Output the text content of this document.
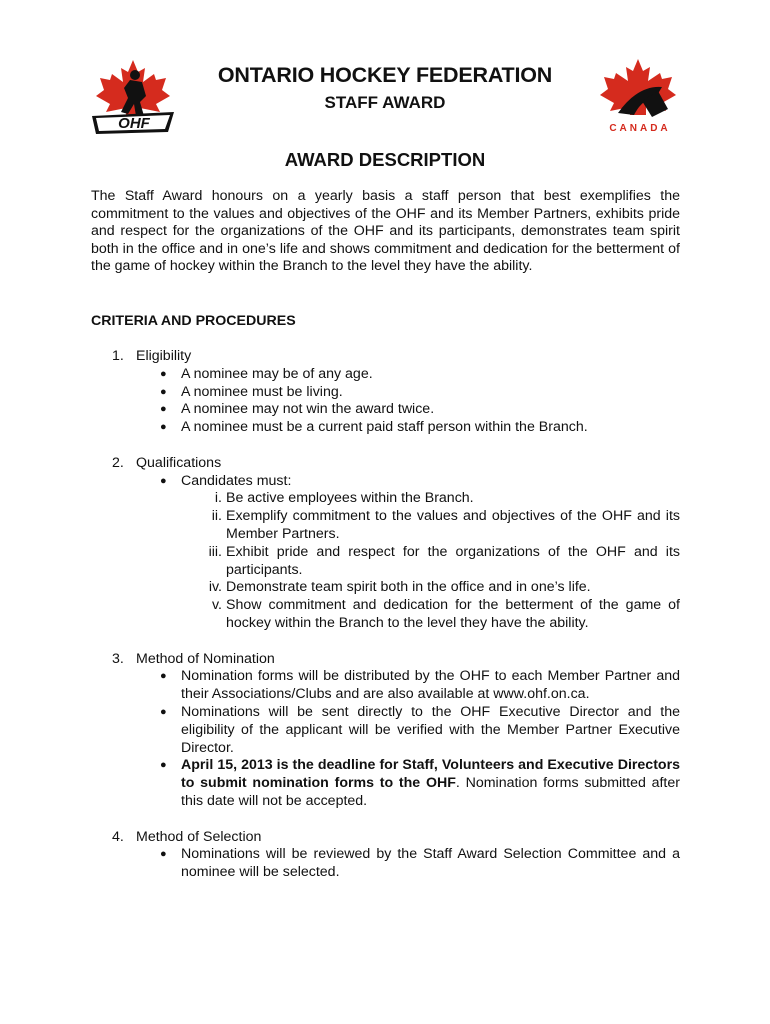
OHF
ONTARIO HOCKEY FEDERATION
STAFF AWARD
CANADA
AWARD DESCRIPTION
The Staff Award honours on a yearly basis a staff person that best exemplifies the commitment to the values and objectives of the OHF and its Member Partners, exhibits pride and respect for the organizations of the OHF and its participants, demonstrates team spirit both in the office and in one’s life and shows commitment and dedication for the betterment of the game of hockey within the Branch to the level they have the ability.
CRITERIA AND PROCEDURES
1. Eligibility
● A nominee may be of any age.
● A nominee must be living.
● A nominee may not win the award twice.
● A nominee must be a current paid staff person within the Branch.
2. Qualifications
● Candidates must:
i. Be active employees within the Branch.
ii. Exemplify commitment to the values and objectives of the OHF and its Member Partners.
iii. Exhibit pride and respect for the organizations of the OHF and its participants.
iv. Demonstrate team spirit both in the office and in one’s life.
v. Show commitment and dedication for the betterment of the game of hockey within the Branch to the level they have the ability.
3. Method of Nomination
● Nomination forms will be distributed by the OHF to each Member Partner and their Associations/Clubs and are also available at www.ohf.on.ca.
● Nominations will be sent directly to the OHF Executive Director and the eligibility of the applicant will be verified with the Member Partner Executive Director.
● April 15, 2013 is the deadline for Staff, Volunteers and Executive Directors to submit nomination forms to the OHF. Nomination forms submitted after this date will not be accepted.
4. Method of Selection
● Nominations will be reviewed by the Staff Award Selection Committee and a nominee will be selected.
